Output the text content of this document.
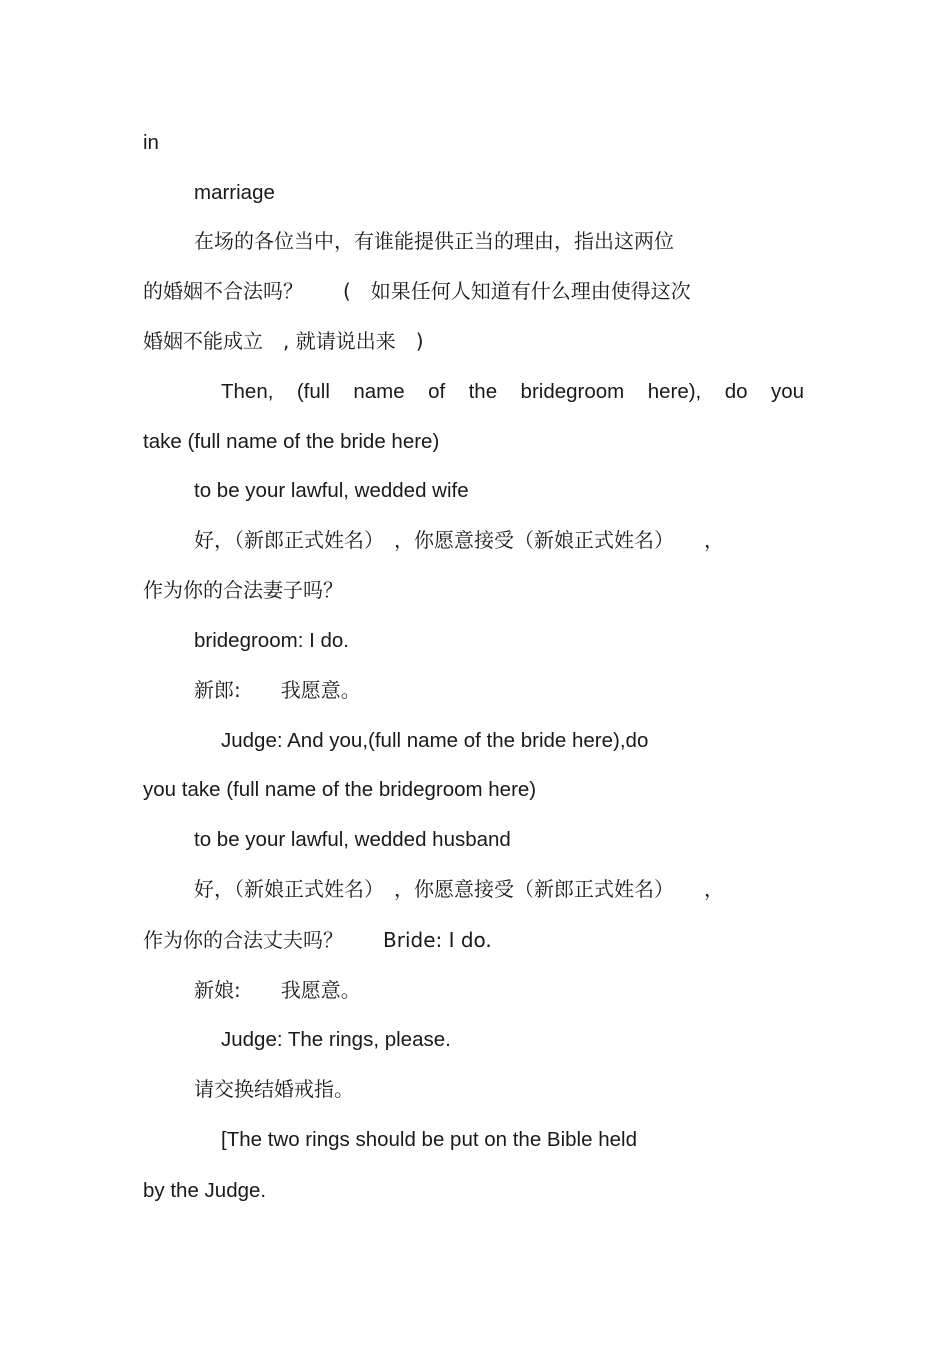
in
marriage
在场的各位当中，有谁能提供正当的理由，指出这两位
的婚姻不合法吗？　　(　如果任何人知道有什么理由使得这次
婚姻不能成立　, 就请说出来　)
Then, (full name of the bridegroom here), do you
take (full name of the bride here)
to be your lawful, wedded wife
好，（新郎正式姓名）　，你愿意接受（新娘正式姓名）　　，
作为你的合法妻子吗？
bridegroom: I do.
新郎:　　我愿意。
Judge: And you,(full name of the bride here),do
you take (full name of the bridegroom here)
to be your lawful, wedded husband
好，（新娘正式姓名）　，你愿意接受（新郎正式姓名）　　，
作为你的合法丈夫吗？　　Bride: I do.
新娘:　　我愿意。
Judge: The rings, please.
请交换结婚戒指。
[The two rings should be put on the Bible held
by the Judge.
